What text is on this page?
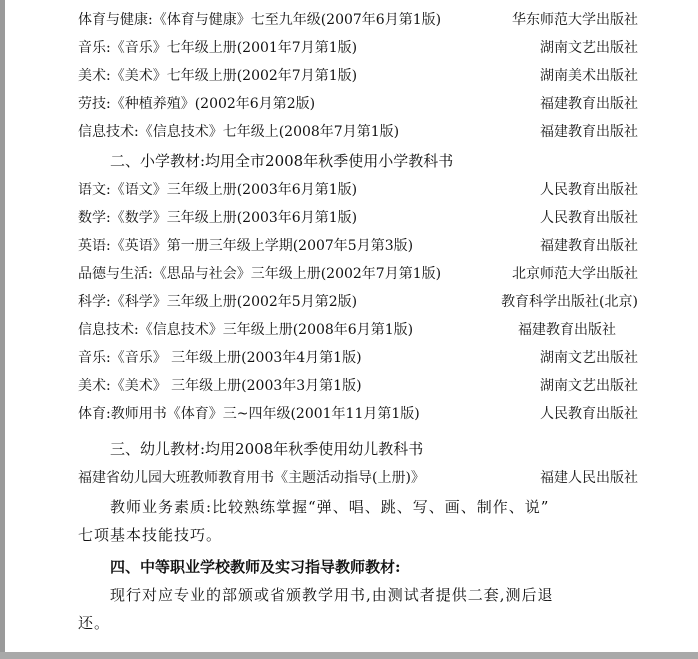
体育与健康:《体育与健康》七至九年级(2007年6月第1版)	华东师范大学出版社
音乐:《音乐》七年级上册(2001年7月第1版)	湖南文艺出版社
美术:《美术》七年级上册(2002年7月第1版)	湖南美术出版社
劳技:《种植养殖》(2002年6月第2版)	福建教育出版社
信息技术:《信息技术》七年级上(2008年7月第1版)	福建教育出版社
二、小学教材:均用全市2008年秋季使用小学教科书
语文:《语文》三年级上册(2003年6月第1版)	人民教育出版社
数学:《数学》三年级上册(2003年6月第1版)	人民教育出版社
英语:《英语》第一册三年级上学期(2007年5月第3版)	福建教育出版社
品德与生活:《思品与社会》三年级上册(2002年7月第1版)	北京师范大学出版社
科学:《科学》三年级上册(2002年5月第2版)	教育科学出版社(北京)
信息技术:《信息技术》三年级上册(2008年6月第1版)	福建教育出版社
音乐:《音乐》 三年级上册(2003年4月第1版)	湖南文艺出版社
美术:《美术》 三年级上册(2003年3月第1版)	湖南文艺出版社
体育:教师用书《体育》三~四年级(2001年11月第1版)	人民教育出版社
三、幼儿教材:均用2008年秋季使用幼儿教科书
福建省幼儿园大班教师教育用书《主题活动指导(上册)》	福建人民出版社
教师业务素质:比较熟练掌握“弹、唱、跳、写、画、制作、说”
七项基本技能技巧。
四、中等职业学校教师及实习指导教师教材:
现行对应专业的部颁或省颁教学用书,由测试者提供二套,测后退
还。
